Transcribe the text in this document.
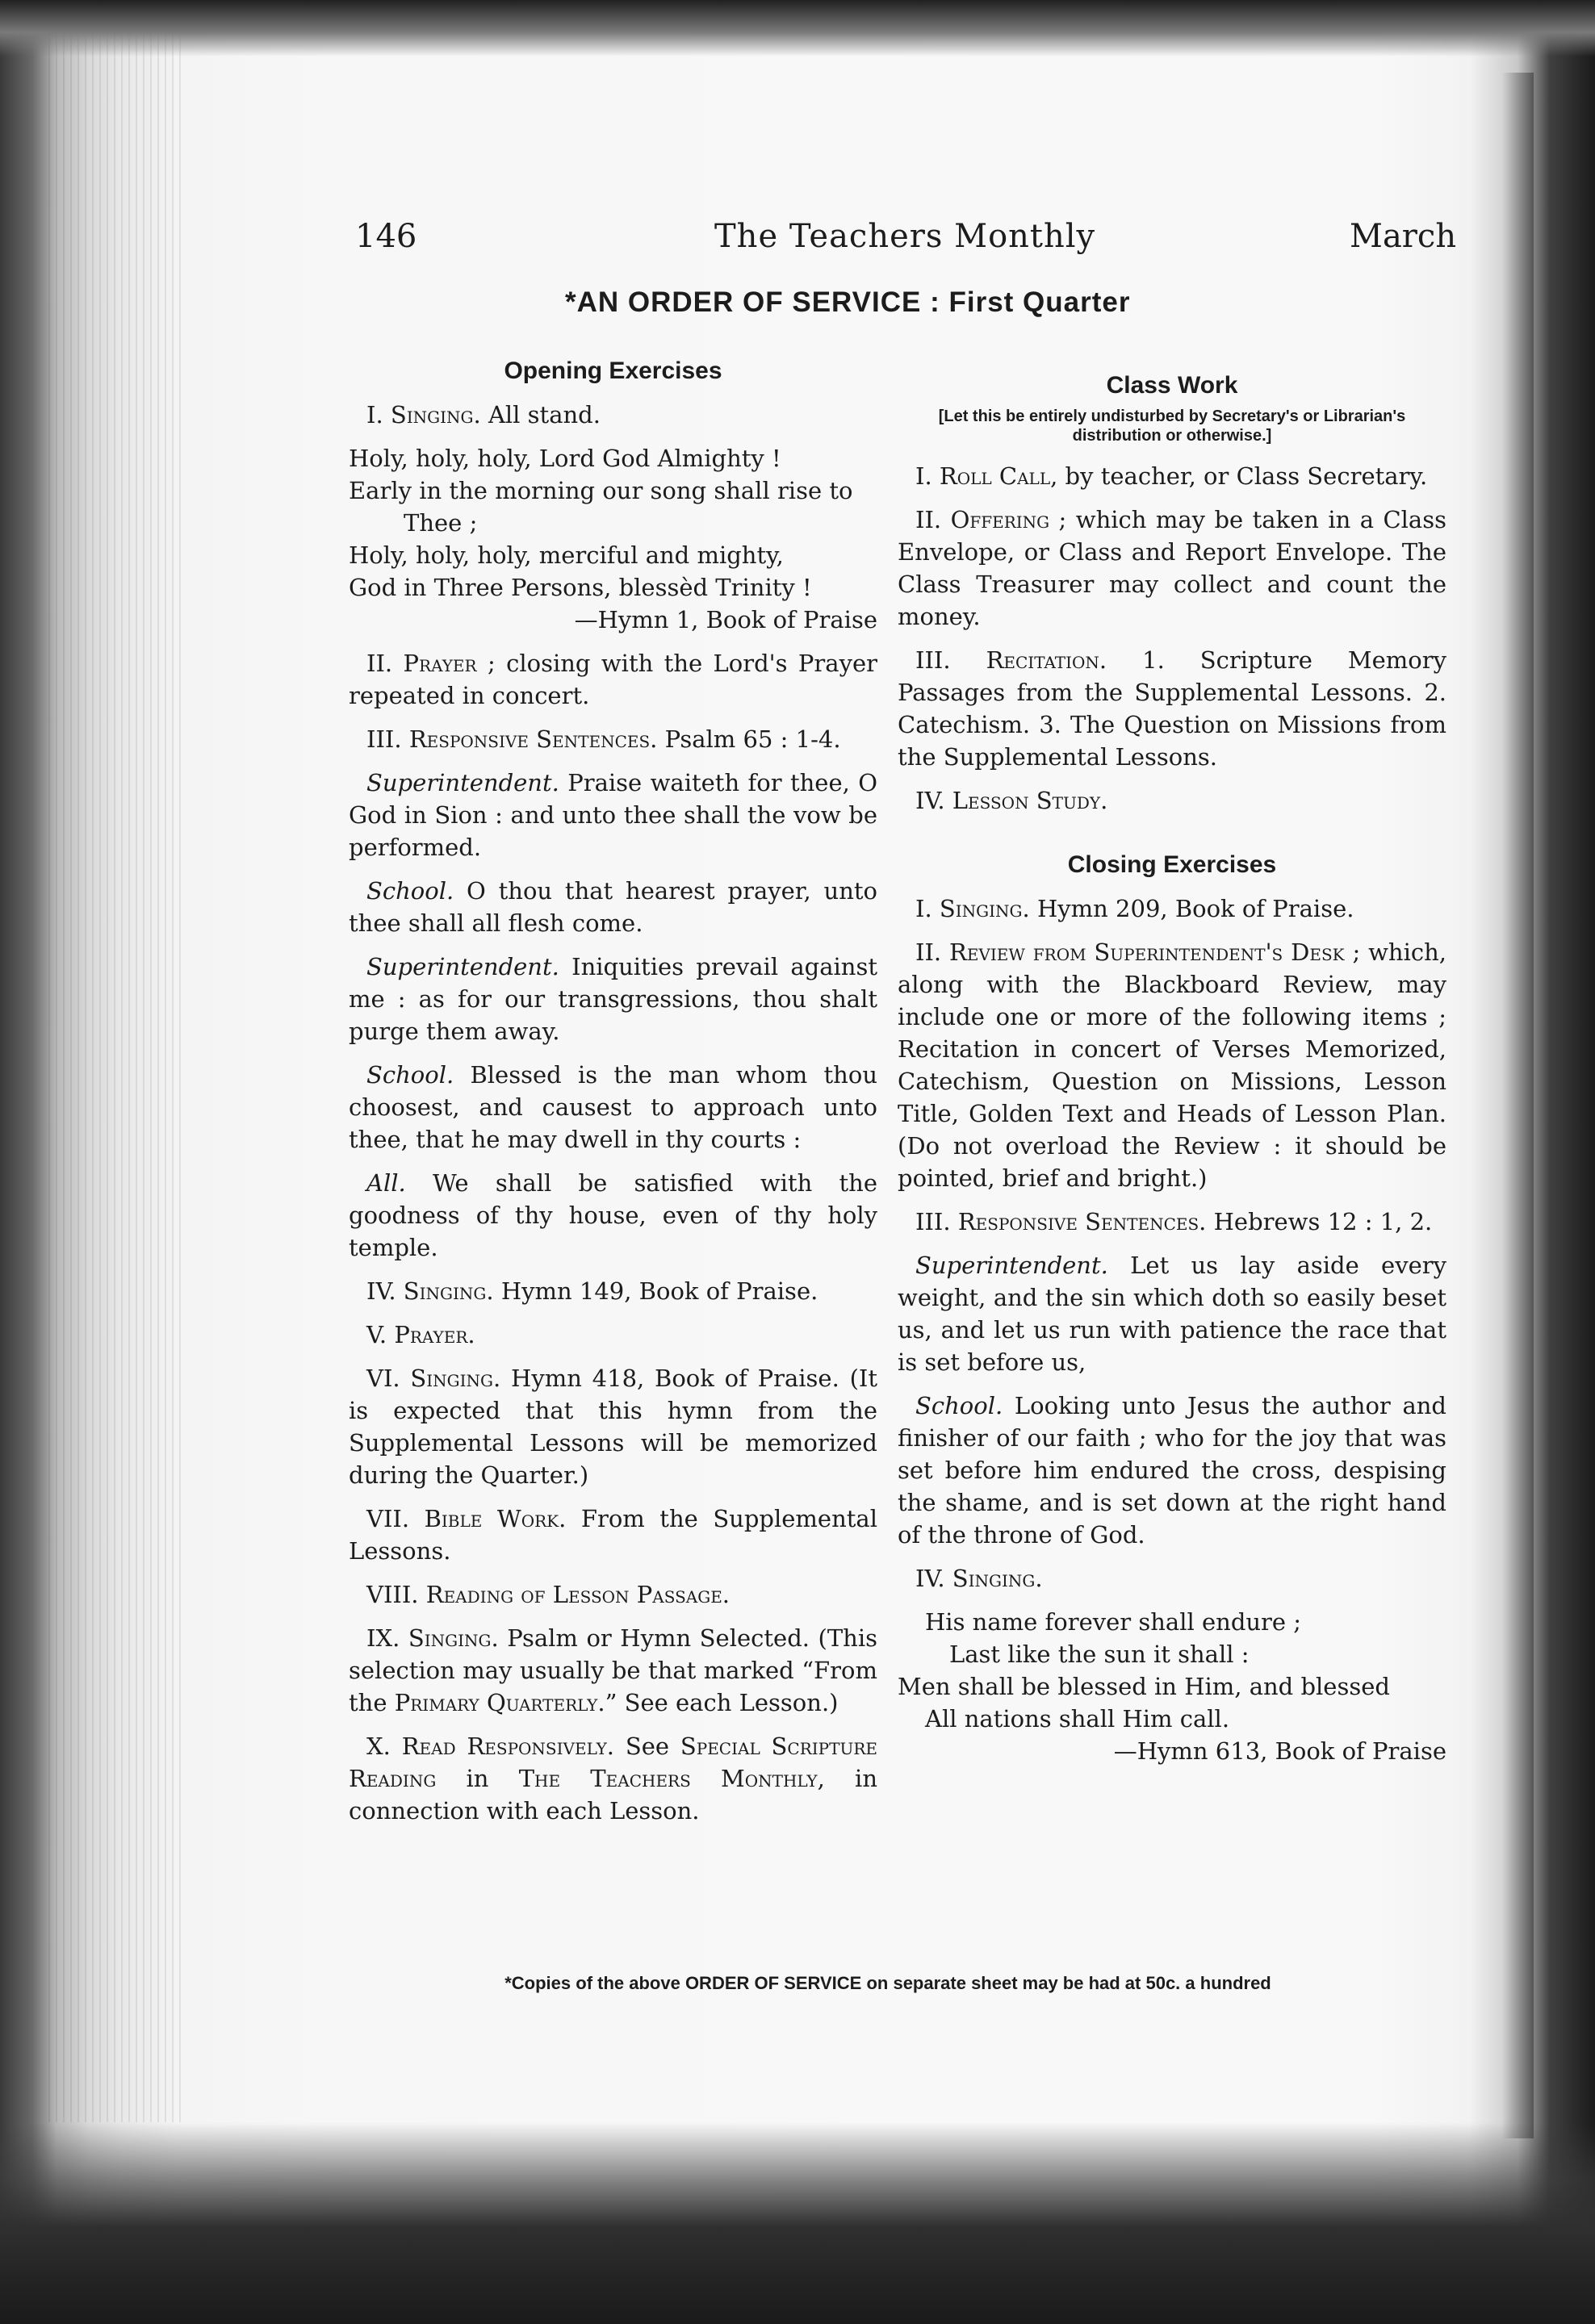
146	The Teachers Monthly	March
*AN ORDER OF SERVICE : First Quarter
Opening Exercises

I. Singing. All stand.

Holy, holy, holy, Lord God Almighty !
Early in the morning our song shall rise to
Thee ;
Holy, holy, holy, merciful and mighty,
God in Three Persons, blessèd Trinity !
—Hymn 1, Book of Praise

II. Prayer ; closing with the Lord's Prayer repeated in concert.

III. Responsive Sentences. Psalm 65 : 1-4.

Superintendent. Praise waiteth for thee, O God in Sion : and unto thee shall the vow be performed.

School. O thou that hearest prayer, unto thee shall all flesh come.

Superintendent. Iniquities prevail against me : as for our transgressions, thou shalt purge them away.

School. Blessed is the man whom thou choosest, and causest to approach unto thee, that he may dwell in thy courts :

All. We shall be satisfied with the goodness of thy house, even of thy holy temple.

IV. Singing. Hymn 149, Book of Praise.

V. Prayer.

VI. Singing. Hymn 418, Book of Praise. (It is expected that this hymn from the Supplemental Lessons will be memorized during the Quarter.)

VII. Bible Work. From the Supplemental Lessons.

VIII. Reading of Lesson Passage.

IX. Singing. Psalm or Hymn Selected. (This selection may usually be that marked “From the Primary Quarterly.” See each Lesson.)

X. Read Responsively. See Special Scripture Reading in The Teachers Monthly, in connection with each Lesson.

Class Work
[Let this be entirely undisturbed by Secretary's or Librarian's distribution or otherwise.]

I. Roll Call, by teacher, or Class Secretary.

II. Offering ; which may be taken in a Class Envelope, or Class and Report Envelope. The Class Treasurer may collect and count the money.

III. Recitation. 1. Scripture Memory Passages from the Supplemental Lessons. 2. Catechism. 3. The Question on Missions from the Supplemental Lessons.

IV. Lesson Study.

Closing Exercises

I. Singing. Hymn 209, Book of Praise.

II. Review from Superintendent's Desk ; which, along with the Blackboard Review, may include one or more of the following items ; Recitation in concert of Verses Memorized, Catechism, Question on Missions, Lesson Title, Golden Text and Heads of Lesson Plan. (Do not overload the Review : it should be pointed, brief and bright.)

III. Responsive Sentences. Hebrews 12 : 1, 2.

Superintendent. Let us lay aside every weight, and the sin which doth so easily beset us, and let us run with patience the race that is set before us,

School. Looking unto Jesus the author and finisher of our faith ; who for the joy that was set before him endured the cross, despising the shame, and is set down at the right hand of the throne of God.

IV. Singing.

His name forever shall endure ;
Last like the sun it shall :
Men shall be blessed in Him, and blessed
All nations shall Him call.
—Hymn 613, Book of Praise
*Copies of the above ORDER OF SERVICE on separate sheet may be had at 50c. a hundred
